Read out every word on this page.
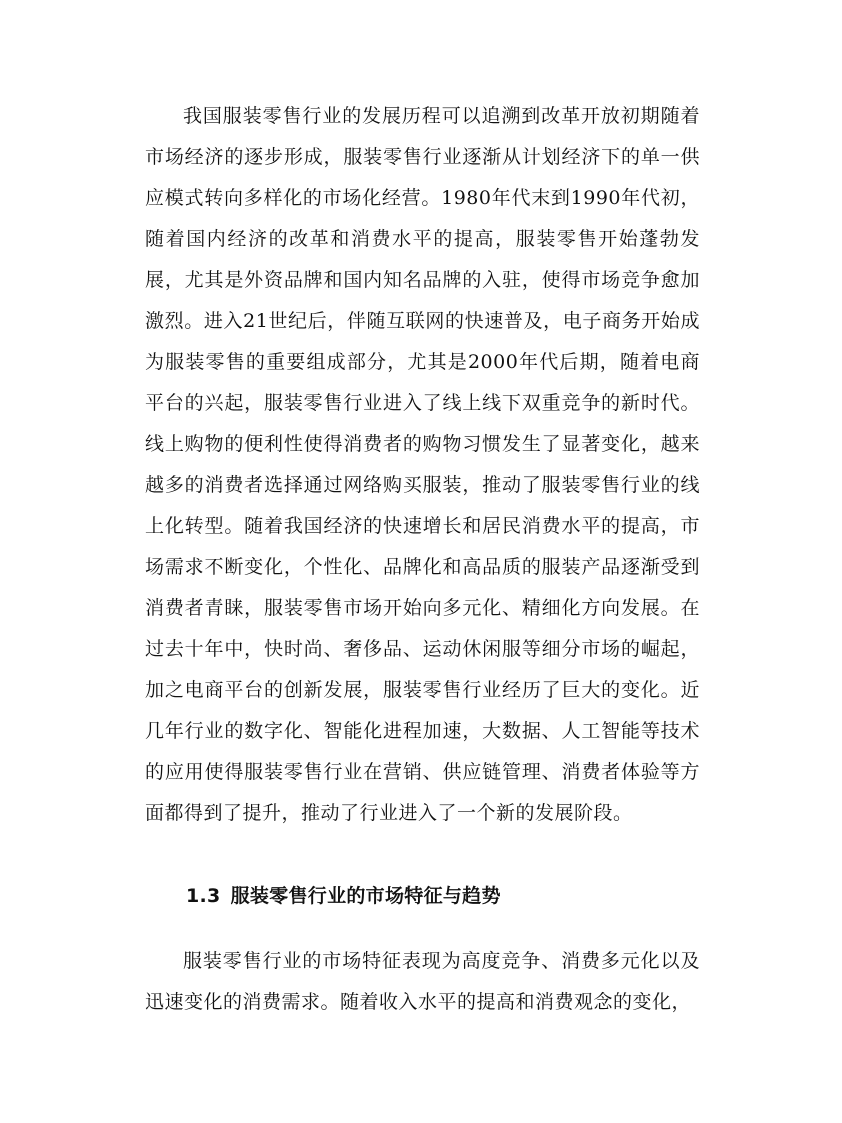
我国服装零售行业的发展历程可以追溯到改革开放初期随着市场经济的逐步形成，服装零售行业逐渐从计划经济下的单一供应模式转向多样化的市场化经营。1980年代末到1990年代初，随着国内经济的改革和消费水平的提高，服装零售开始蓬勃发展，尤其是外资品牌和国内知名品牌的入驻，使得市场竞争愈加激烈。进入21世纪后，伴随互联网的快速普及，电子商务开始成为服装零售的重要组成部分，尤其是2000年代后期，随着电商平台的兴起，服装零售行业进入了线上线下双重竞争的新时代。线上购物的便利性使得消费者的购物习惯发生了显著变化，越来越多的消费者选择通过网络购买服装，推动了服装零售行业的线上化转型。随着我国经济的快速增长和居民消费水平的提高，市场需求不断变化，个性化、品牌化和高品质的服装产品逐渐受到消费者青睐，服装零售市场开始向多元化、精细化方向发展。在过去十年中，快时尚、奢侈品、运动休闲服等细分市场的崛起，加之电商平台的创新发展，服装零售行业经历了巨大的变化。近几年行业的数字化、智能化进程加速，大数据、人工智能等技术的应用使得服装零售行业在营销、供应链管理、消费者体验等方面都得到了提升，推动了行业进入了一个新的发展阶段。

1.3 服装零售行业的市场特征与趋势

服装零售行业的市场特征表现为高度竞争、消费多元化以及迅速变化的消费需求。随着收入水平的提高和消费观念的变化，
